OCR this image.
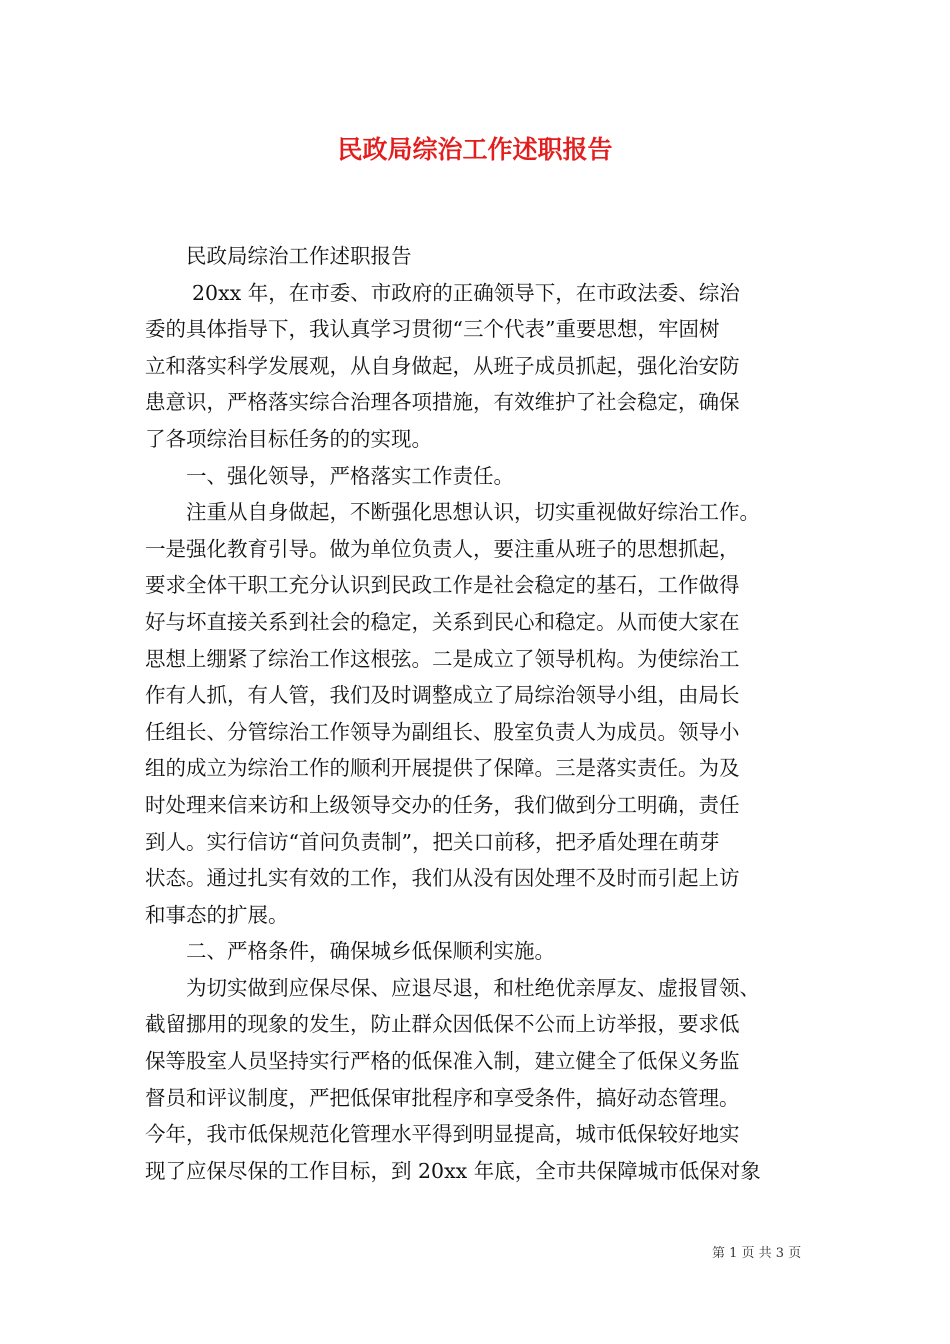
民政局综治工作述职报告
民政局综治工作述职报告
20xx 年，在市委、市政府的正确领导下，在市政法委、综治
委的具体指导下，我认真学习贯彻“三个代表”重要思想，牢固树
立和落实科学发展观，从自身做起，从班子成员抓起，强化治安防
患意识，严格落实综合治理各项措施，有效维护了社会稳定，确保
了各项综治目标任务的的实现。
一、强化领导，严格落实工作责任。
注重从自身做起，不断强化思想认识，切实重视做好综治工作。
一是强化教育引导。做为单位负责人，要注重从班子的思想抓起，
要求全体干职工充分认识到民政工作是社会稳定的基石，工作做得
好与坏直接关系到社会的稳定，关系到民心和稳定。从而使大家在
思想上绷紧了综治工作这根弦。二是成立了领导机构。为使综治工
作有人抓，有人管，我们及时调整成立了局综治领导小组，由局长
任组长、分管综治工作领导为副组长、股室负责人为成员。领导小
组的成立为综治工作的顺利开展提供了保障。三是落实责任。为及
时处理来信来访和上级领导交办的任务，我们做到分工明确，责任
到人。实行信访“首问负责制”，把关口前移，把矛盾处理在萌芽
状态。通过扎实有效的工作，我们从没有因处理不及时而引起上访
和事态的扩展。
二、严格条件，确保城乡低保顺利实施。
为切实做到应保尽保、应退尽退，和杜绝优亲厚友、虚报冒领、
截留挪用的现象的发生，防止群众因低保不公而上访举报，要求低
保等股室人员坚持实行严格的低保准入制，建立健全了低保义务监
督员和评议制度，严把低保审批程序和享受条件，搞好动态管理。
今年，我市低保规范化管理水平得到明显提高，城市低保较好地实
现了应保尽保的工作目标，到 20xx 年底，全市共保障城市低保对象
第 1 页 共 3 页
